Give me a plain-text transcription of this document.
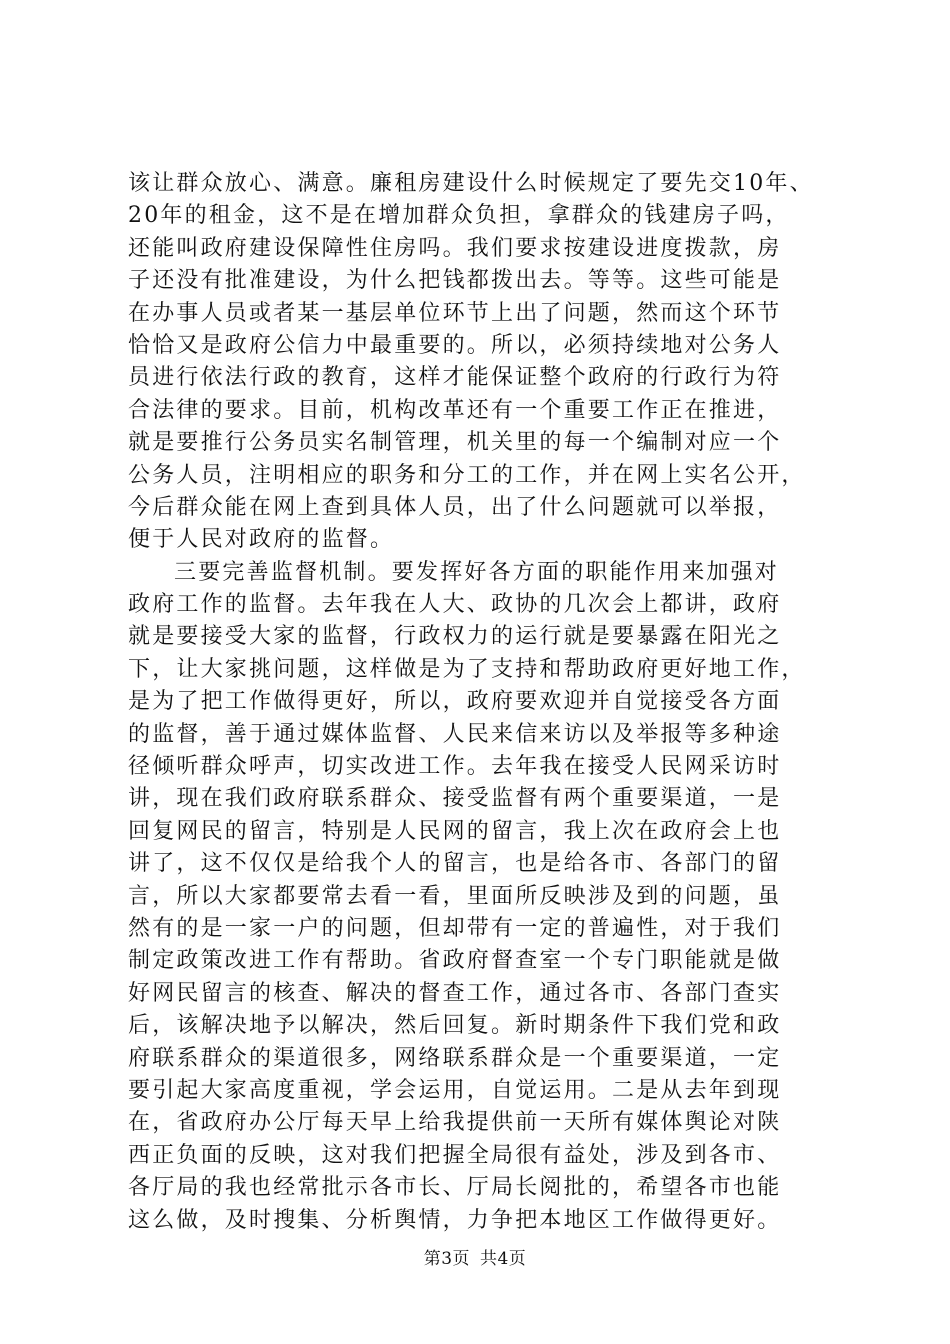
该让群众放心、满意。廉租房建设什么时候规定了要先交10年、
20年的租金，这不是在增加群众负担，拿群众的钱建房子吗，
还能叫政府建设保障性住房吗。我们要求按建设进度拨款，房
子还没有批准建设，为什么把钱都拨出去。等等。这些可能是
在办事人员或者某一基层单位环节上出了问题，然而这个环节
恰恰又是政府公信力中最重要的。所以，必须持续地对公务人
员进行依法行政的教育，这样才能保证整个政府的行政行为符
合法律的要求。目前，机构改革还有一个重要工作正在推进，
就是要推行公务员实名制管理，机关里的每一个编制对应一个
公务人员，注明相应的职务和分工的工作，并在网上实名公开，
今后群众能在网上查到具体人员，出了什么问题就可以举报，
便于人民对政府的监督。
三要完善监督机制。要发挥好各方面的职能作用来加强对
政府工作的监督。去年我在人大、政协的几次会上都讲，政府
就是要接受大家的监督，行政权力的运行就是要暴露在阳光之
下，让大家挑问题，这样做是为了支持和帮助政府更好地工作，
是为了把工作做得更好，所以，政府要欢迎并自觉接受各方面
的监督，善于通过媒体监督、人民来信来访以及举报等多种途
径倾听群众呼声，切实改进工作。去年我在接受人民网采访时
讲，现在我们政府联系群众、接受监督有两个重要渠道，一是
回复网民的留言，特别是人民网的留言，我上次在政府会上也
讲了，这不仅仅是给我个人的留言，也是给各市、各部门的留
言，所以大家都要常去看一看，里面所反映涉及到的问题，虽
然有的是一家一户的问题，但却带有一定的普遍性，对于我们
制定政策改进工作有帮助。省政府督查室一个专门职能就是做
好网民留言的核查、解决的督查工作，通过各市、各部门查实
后，该解决地予以解决，然后回复。新时期条件下我们党和政
府联系群众的渠道很多，网络联系群众是一个重要渠道，一定
要引起大家高度重视，学会运用，自觉运用。二是从去年到现
在，省政府办公厅每天早上给我提供前一天所有媒体舆论对陕
西正负面的反映，这对我们把握全局很有益处，涉及到各市、
各厅局的我也经常批示各市长、厅局长阅批的，希望各市也能
这么做，及时搜集、分析舆情，力争把本地区工作做得更好。
第3页 共4页
